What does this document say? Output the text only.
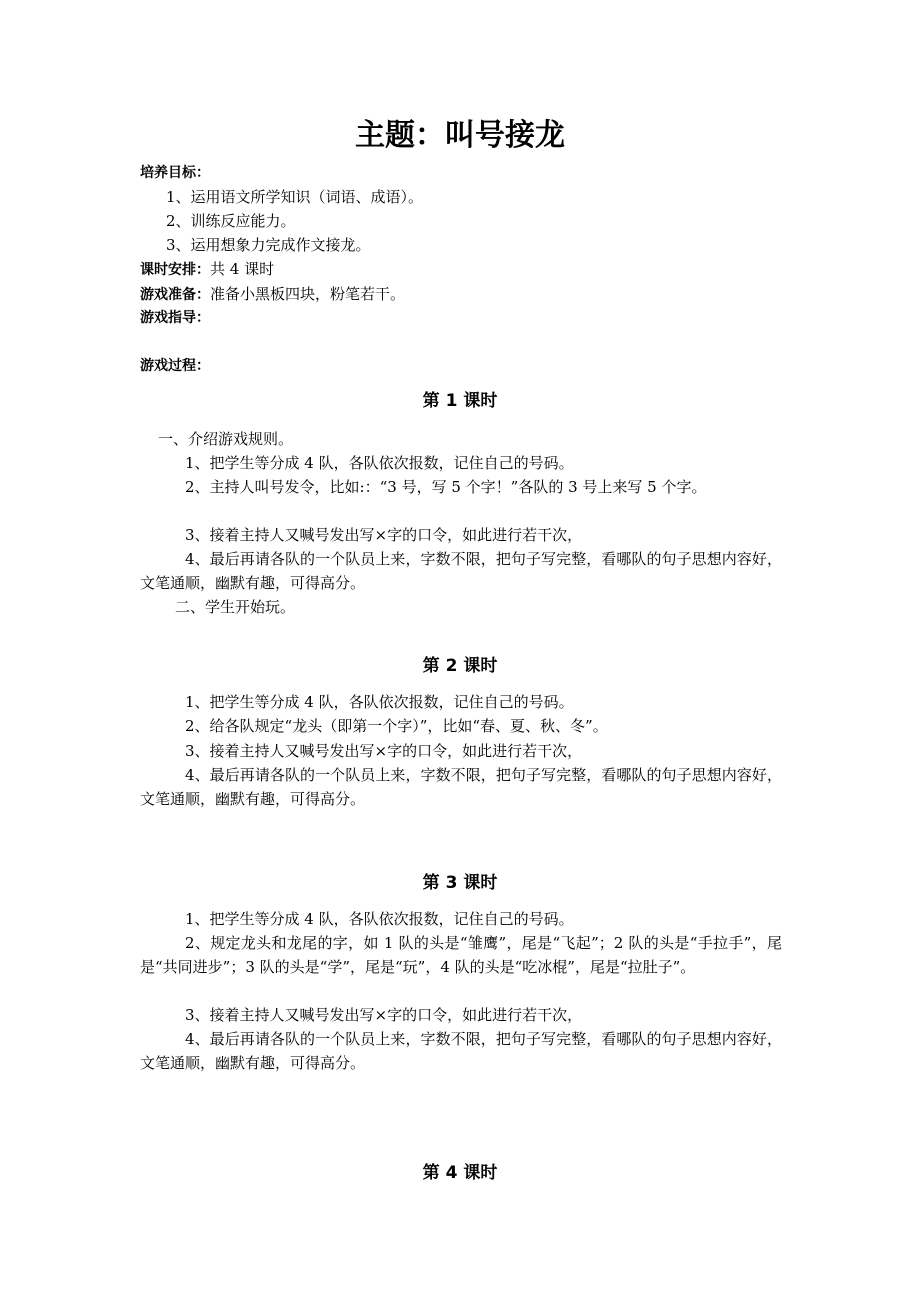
主题：叫号接龙
培养目标：
1、运用语文所学知识（词语、成语）。
2、训练反应能力。
3、运用想象力完成作文接龙。
课时安排：共 4 课时
游戏准备：准备小黑板四块，粉笔若干。
游戏指导：
游戏过程：
第 1 课时
一、介绍游戏规则。
1、把学生等分成 4 队，各队依次报数，记住自己的号码。
2、主持人叫号发令，比如:：“3 号，写 5 个字！”各队的 3 号上来写 5 个字。
3、接着主持人又喊号发出写×字的口令，如此进行若干次，
4、最后再请各队的一个队员上来，字数不限，把句子写完整，看哪队的句子思想内容好，文笔通顺，幽默有趣，可得高分。
二、学生开始玩。
第 2 课时
1、把学生等分成 4 队，各队依次报数，记住自己的号码。
2、给各队规定“龙头（即第一个字）”，比如“春、夏、秋、冬”。
3、接着主持人又喊号发出写×字的口令，如此进行若干次，
4、最后再请各队的一个队员上来，字数不限，把句子写完整，看哪队的句子思想内容好，文笔通顺，幽默有趣，可得高分。
第 3 课时
1、把学生等分成 4 队，各队依次报数，记住自己的号码。
2、规定龙头和龙尾的字，如 1 队的头是“雏鹰”，尾是“飞起”；2 队的头是“手拉手”，尾是“共同进步”；3 队的头是“学”，尾是“玩”，4 队的头是“吃冰棍”，尾是“拉肚子”。
3、接着主持人又喊号发出写×字的口令，如此进行若干次，
4、最后再请各队的一个队员上来，字数不限，把句子写完整，看哪队的句子思想内容好，文笔通顺，幽默有趣，可得高分。
第 4 课时
